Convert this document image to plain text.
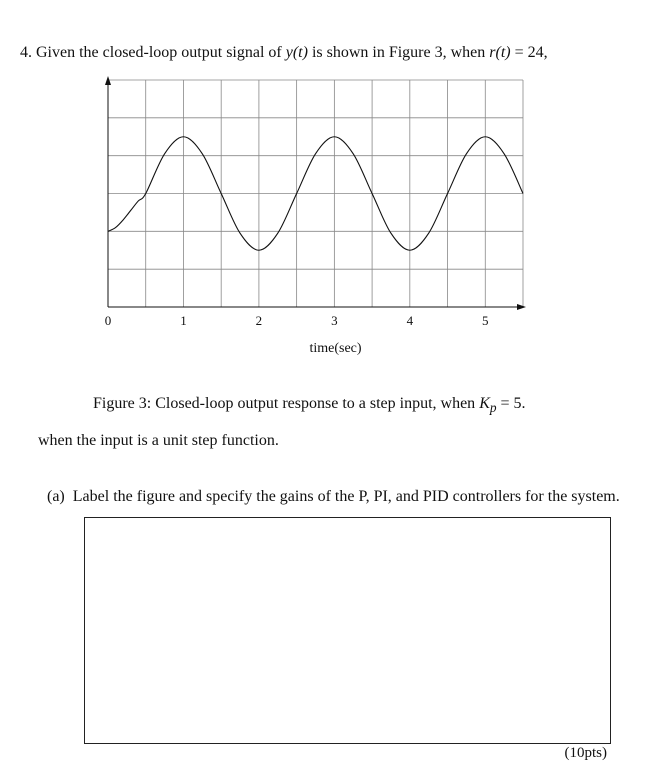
4. Given the closed-loop output signal of y(t) is shown in Figure 3, when r(t) = 24,
0	1	2	3	4	5
time(sec)
Figure 3: Closed-loop output response to a step input, when $K_p = 5$.
when the input is a unit step function.
(a) Label the figure and specify the gains of the P, PI, and PID controllers for the system.
(10pts)
